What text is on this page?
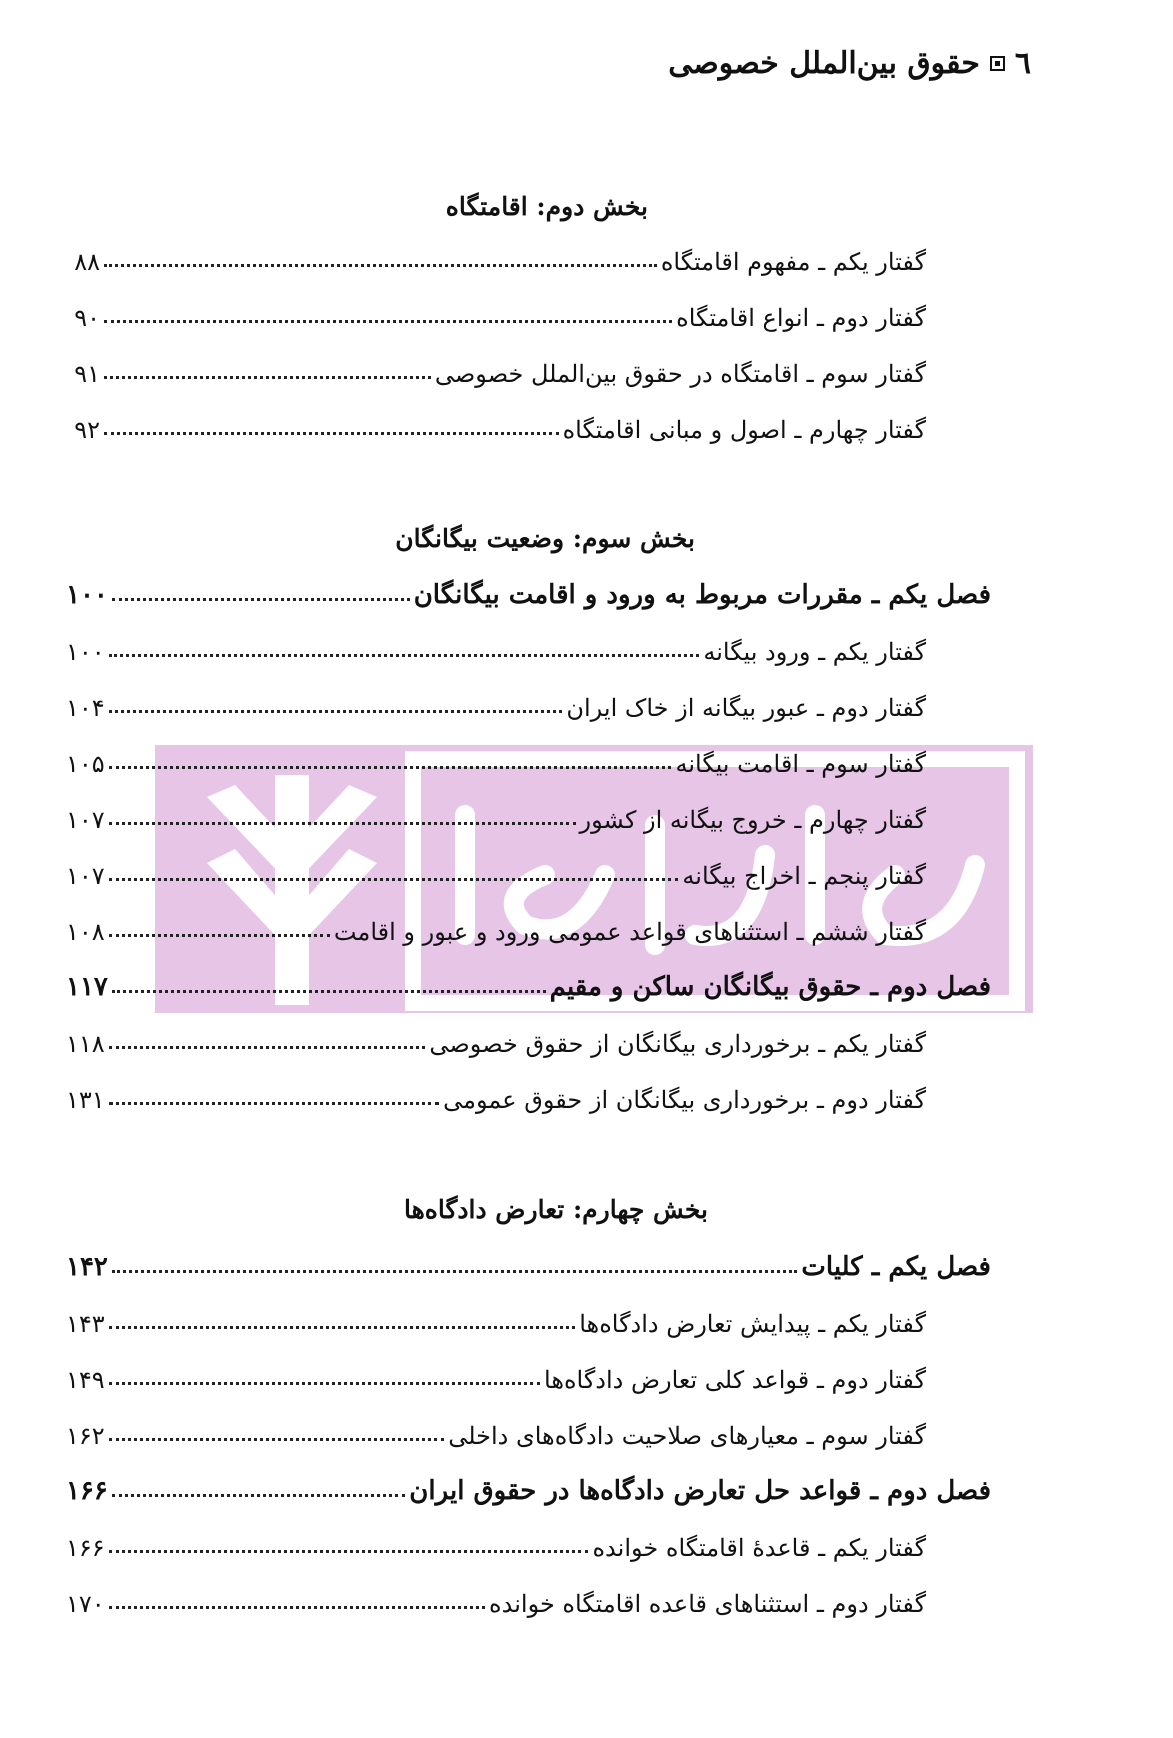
٦
حقوق بین‌الملل خصوصی
بخش دوم: اقامتگاه
گفتار یکم ـ مفهوم اقامتگاه
۸۸
گفتار دوم ـ انواع اقامتگاه
۹۰
گفتار سوم ـ اقامتگاه در حقوق بین‌الملل خصوصی
۹۱
گفتار چهارم ـ اصول و مبانی اقامتگاه
۹۲
بخش سوم: وضعیت بیگانگان
فصل یکم ـ مقررات مربوط به ورود و اقامت بیگانگان
۱۰۰
گفتار یکم ـ ورود بیگانه
۱۰۰
گفتار دوم ـ عبور بیگانه از خاک ایران
۱۰۴
گفتار سوم ـ اقامت بیگانه
۱۰۵
گفتار چهارم ـ خروج بیگانه از کشور
۱۰۷
گفتار پنجم ـ اخراج بیگانه
۱۰۷
گفتار ششم ـ استثناهای قواعد عمومی ورود و عبور و اقامت
۱۰۸
فصل دوم ـ حقوق بیگانگان ساکن و مقیم
۱۱۷
گفتار یکم ـ برخورداری بیگانگان از حقوق خصوصی
۱۱۸
گفتار دوم ـ برخورداری بیگانگان از حقوق عمومی
۱۳۱
بخش چهارم: تعارض دادگاه‌ها
فصل یکم ـ کلیات
۱۴۲
گفتار یکم ـ پیدایش تعارض دادگاه‌ها
۱۴۳
گفتار دوم ـ قواعد کلی تعارض دادگاه‌ها
۱۴۹
گفتار سوم ـ معیارهای صلاحیت دادگاه‌های داخلی
۱۶۲
فصل دوم ـ قواعد حل تعارض دادگاه‌ها در حقوق ایران
۱۶۶
گفتار یکم ـ قاعدهٔ اقامتگاه خوانده
۱۶۶
گفتار دوم ـ استثناهای قاعده اقامتگاه خوانده
۱۷۰
